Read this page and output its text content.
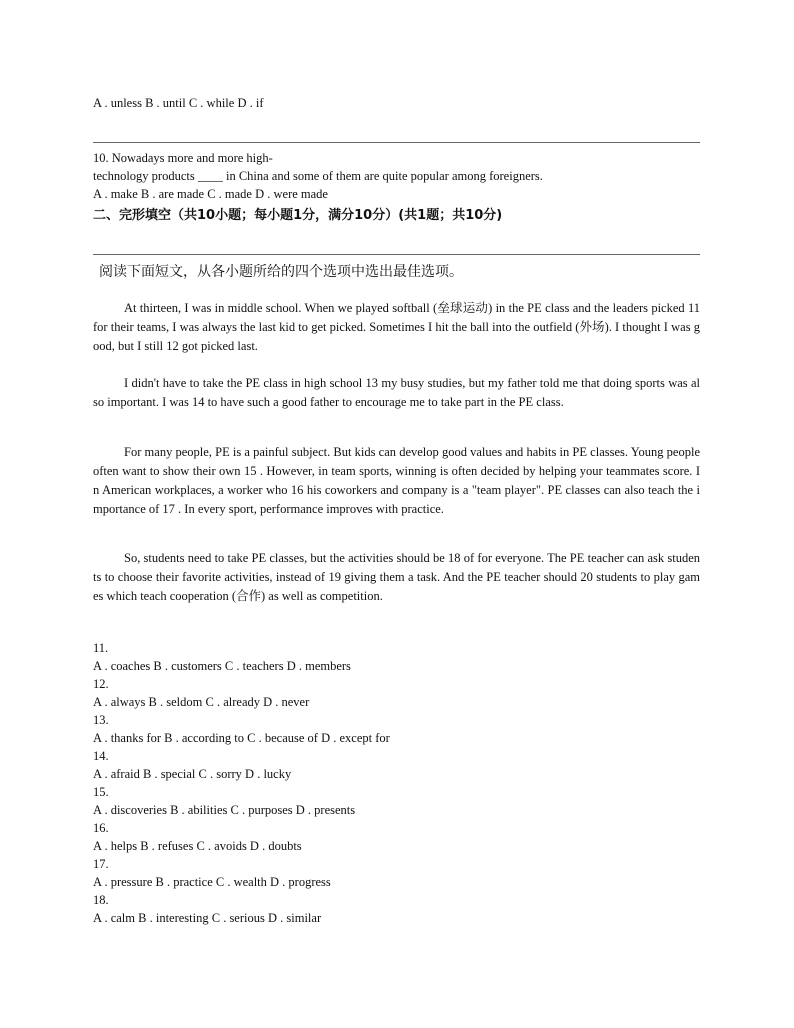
A . unless B . until C . while D . if
10. Nowadays more and more high-
technology products ____ in China and some of them are quite popular among foreigners.
A . make B . are made C . made D . were made
二、完形填空（共10小题；每小题1分，满分10分）(共1题；共10分)
阅读下面短文，从各小题所给的四个选项中选出最佳选项。
At thirteen, I was in middle school. When we played softball (垒球运动) in the PE class and the leaders picked 11 for their teams, I was always the last kid to get picked. Sometimes I hit the ball into the outfield (外场). I thought I was good, but I still 12 got picked last.
I didn't have to take the PE class in high school 13 my busy studies, but my father told me that doing sports was also important. I was 14 to have such a good father to encourage me to take part in the PE class.
For many people, PE is a painful subject. But kids can develop good values and habits in PE classes. Young people often want to show their own 15 . However, in team sports, winning is often decided by helping your teammates score. In American workplaces, a worker who 16 his coworkers and company is a "team player". PE classes can also teach the importance of 17 . In every sport, performance improves with practice.
So, students need to take PE classes, but the activities should be 18 of for everyone. The PE teacher can ask students to choose their favorite activities, instead of 19 giving them a task. And the PE teacher should 20 students to play games which teach cooperation (合作) as well as competition.
11.
A . coaches B . customers C . teachers D . members
12.
A . always B . seldom C . already D . never
13.
A . thanks for B . according to C . because of D . except for
14.
A . afraid B . special C . sorry D . lucky
15.
A . discoveries B . abilities C . purposes D . presents
16.
A . helps B . refuses C . avoids D . doubts
17.
A . pressure B . practice C . wealth D . progress
18.
A . calm B . interesting C . serious D . similar
